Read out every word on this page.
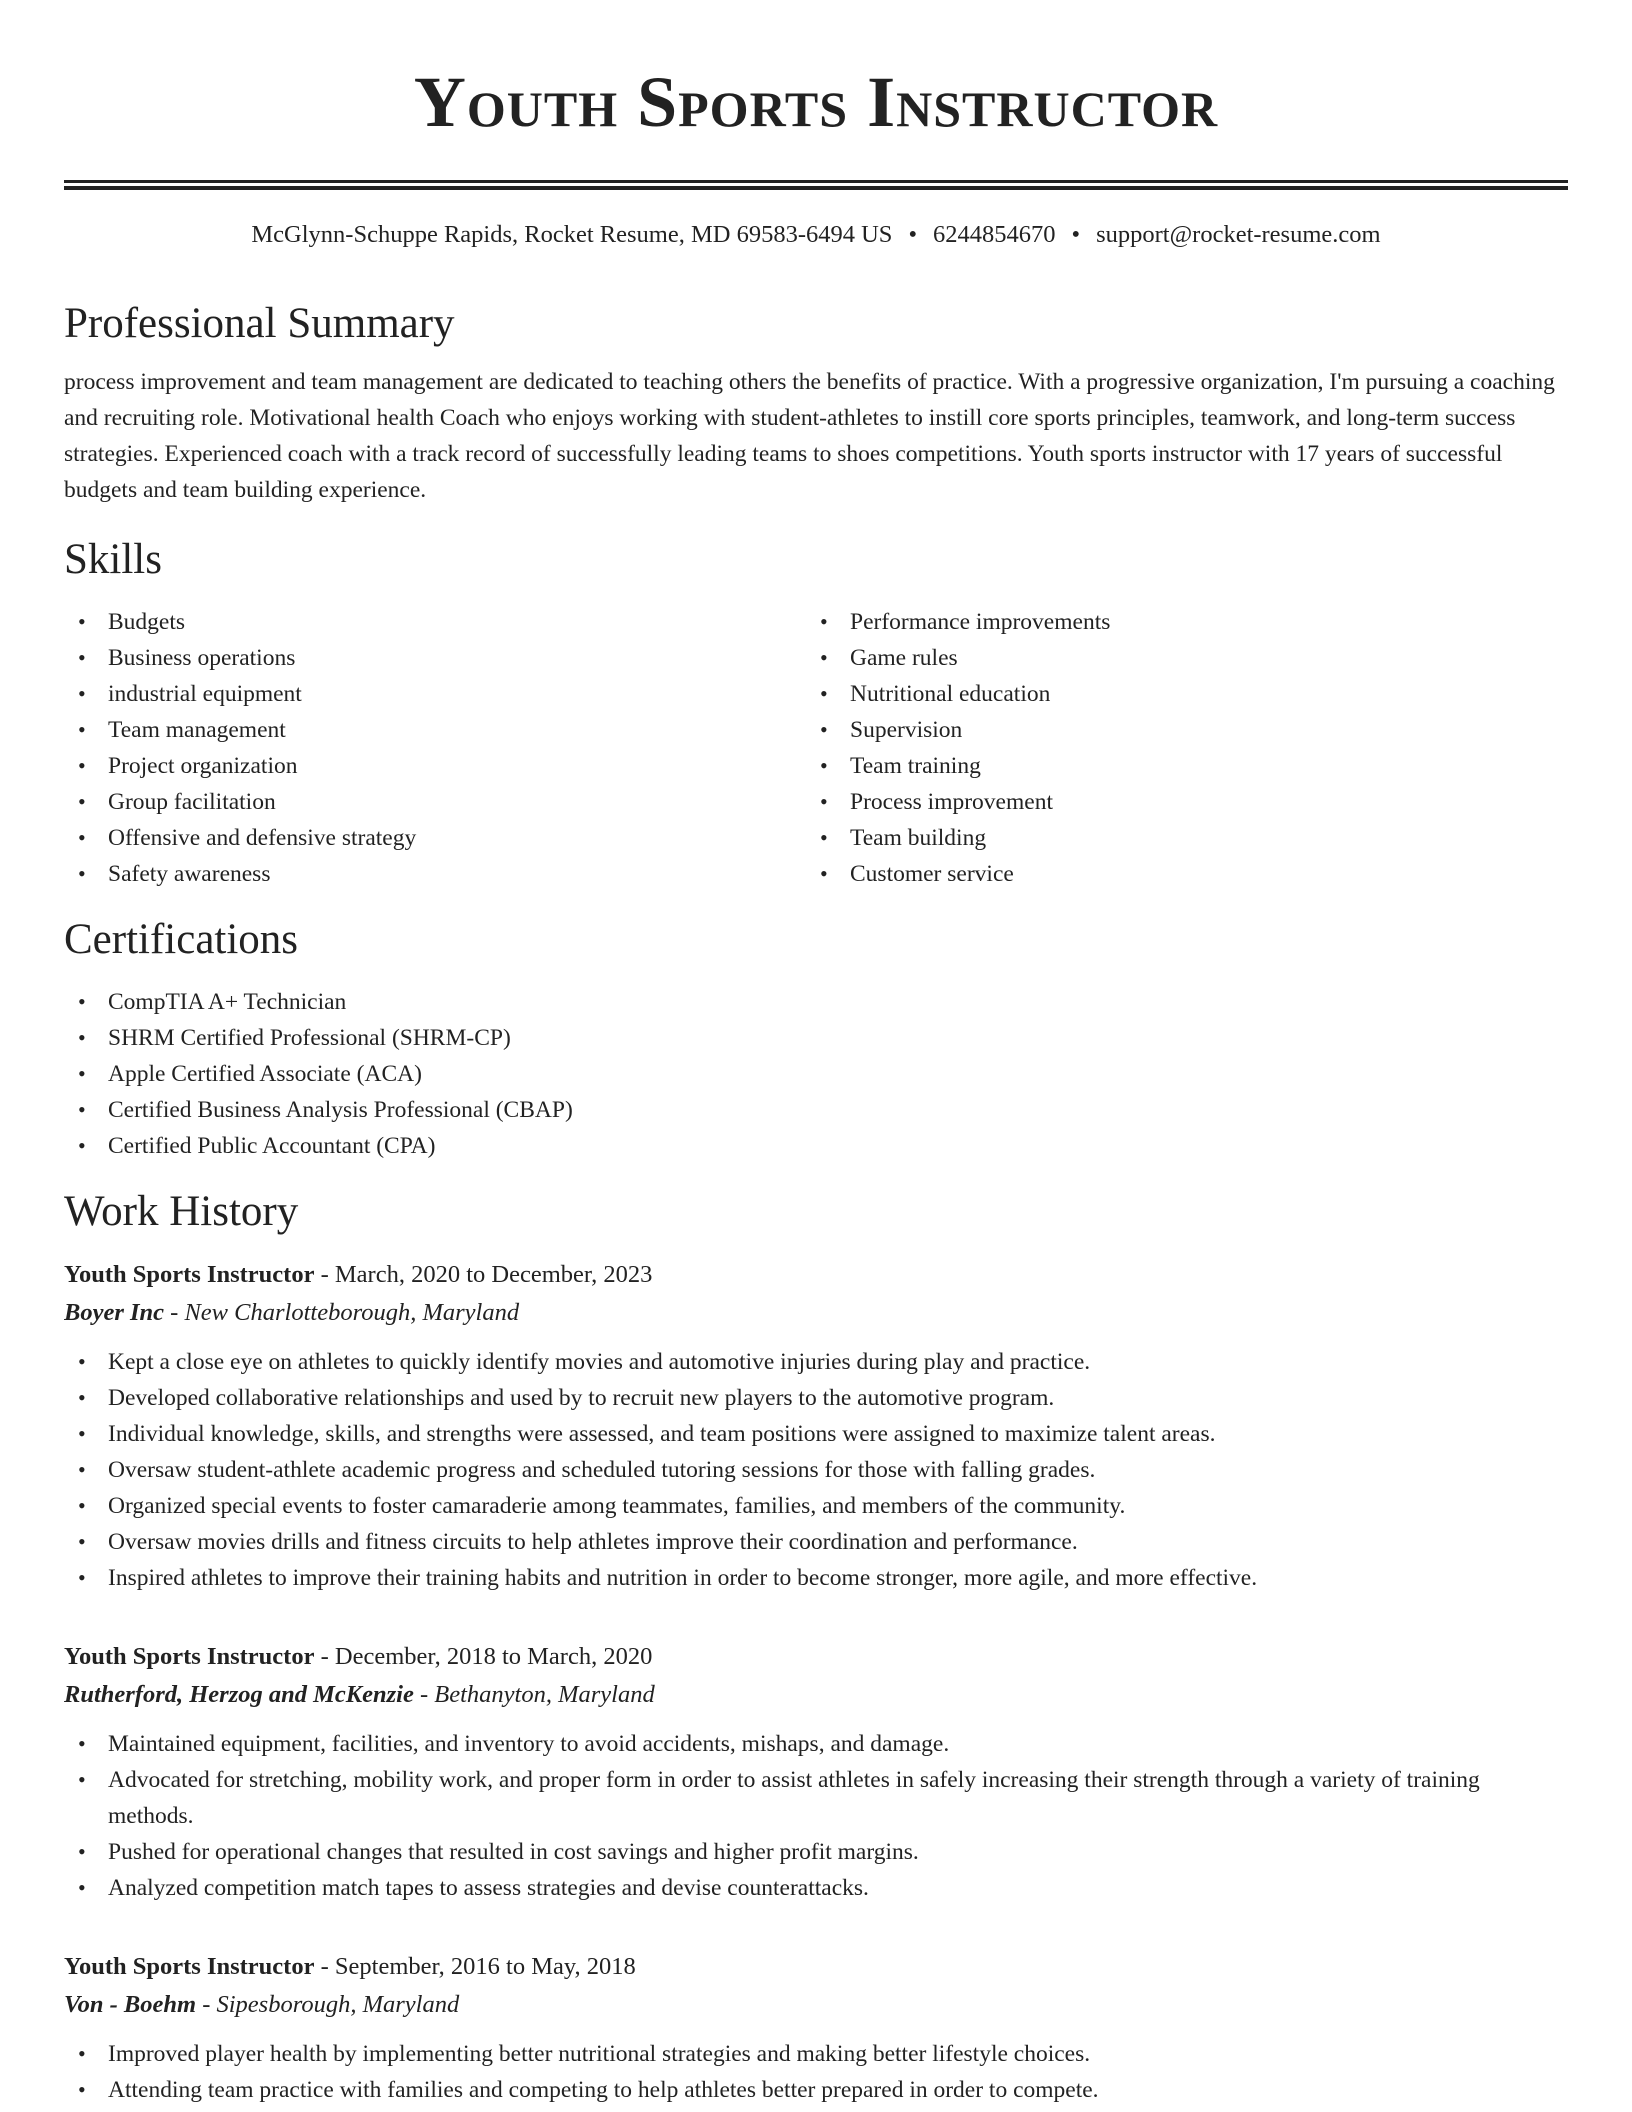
Youth Sports Instructor
McGlynn-Schuppe Rapids, Rocket Resume, MD 69583-6494 US • 6244854670 • support@rocket-resume.com
Professional Summary

process improvement and team management are dedicated to teaching others the benefits of practice. With a progressive organization, I'm pursuing a coaching and recruiting role. Motivational health Coach who enjoys working with student-athletes to instill core sports principles, teamwork, and long-term success strategies. Experienced coach with a track record of successfully leading teams to shoes competitions. Youth sports instructor with 17 years of successful budgets and team building experience.

Skills
• Budgets
• Business operations
• industrial equipment
• Team management
• Project organization
• Group facilitation
• Offensive and defensive strategy
• Safety awareness
• Performance improvements
• Game rules
• Nutritional education
• Supervision
• Team training
• Process improvement
• Team building
• Customer service
Certifications
• CompTIA A+ Technician
• SHRM Certified Professional (SHRM-CP)
• Apple Certified Associate (ACA)
• Certified Business Analysis Professional (CBAP)
• Certified Public Accountant (CPA)
Work History
Youth Sports Instructor - March, 2020 to December, 2023
Boyer Inc - New Charlotteborough, Maryland
• Kept a close eye on athletes to quickly identify movies and automotive injuries during play and practice.
• Developed collaborative relationships and used by to recruit new players to the automotive program.
• Individual knowledge, skills, and strengths were assessed, and team positions were assigned to maximize talent areas.
• Oversaw student-athlete academic progress and scheduled tutoring sessions for those with falling grades.
• Organized special events to foster camaraderie among teammates, families, and members of the community.
• Oversaw movies drills and fitness circuits to help athletes improve their coordination and performance.
• Inspired athletes to improve their training habits and nutrition in order to become stronger, more agile, and more effective.
Youth Sports Instructor - December, 2018 to March, 2020
Rutherford, Herzog and McKenzie - Bethanyton, Maryland
• Maintained equipment, facilities, and inventory to avoid accidents, mishaps, and damage.
• Advocated for stretching, mobility work, and proper form in order to assist athletes in safely increasing their strength through a variety of training methods.
• Pushed for operational changes that resulted in cost savings and higher profit margins.
• Analyzed competition match tapes to assess strategies and devise counterattacks.
Youth Sports Instructor - September, 2016 to May, 2018
Von - Boehm - Sipesborough, Maryland
• Improved player health by implementing better nutritional strategies and making better lifestyle choices.
• Attending team practice with families and competing to help athletes better prepared in order to compete.
